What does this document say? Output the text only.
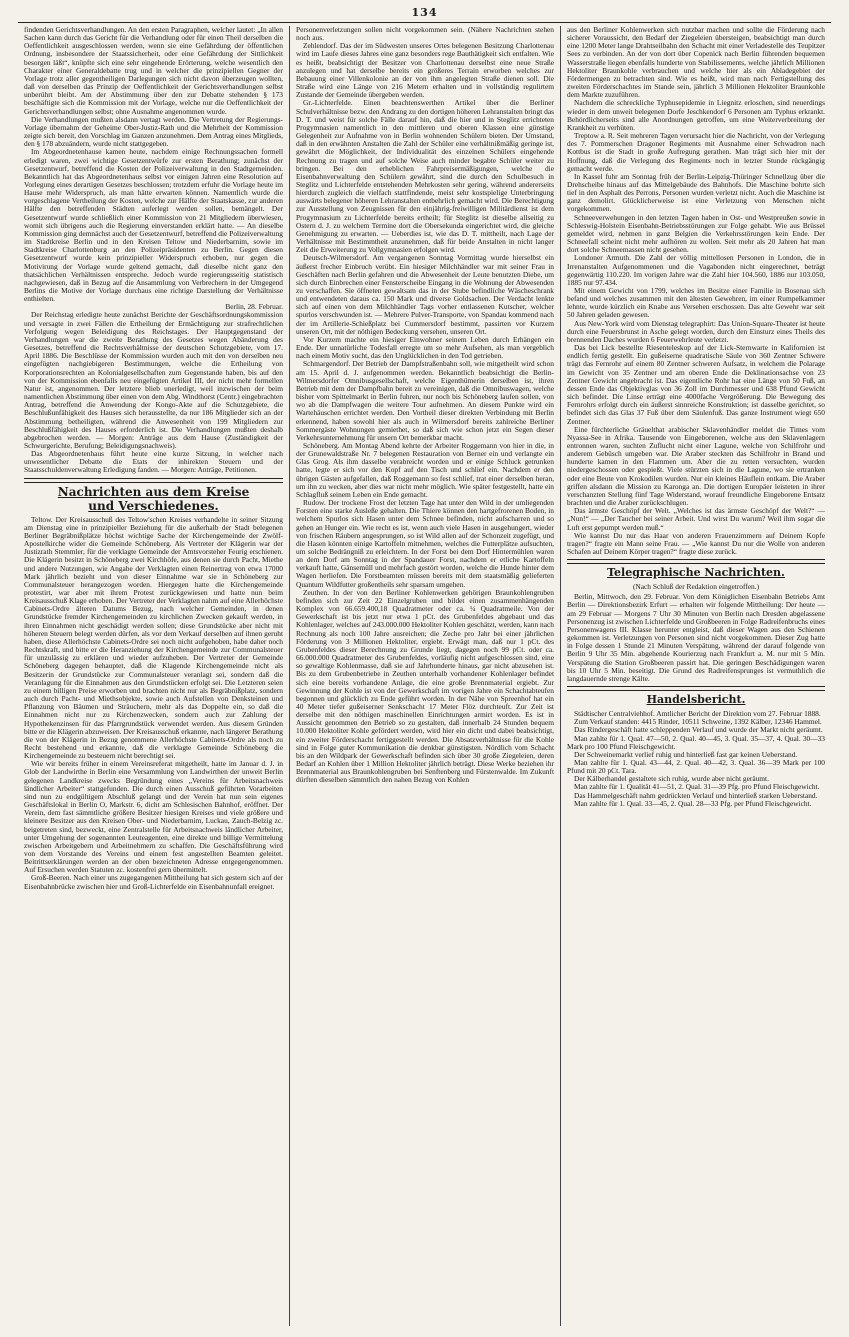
134

findenden Gerichtsverhandlungen. An den ersten Paragraphen, welcher lautet: „In allen Sachen kann durch das Gericht für die Verhandlung oder für einen Theil derselben die Oeffentlichkeit ausgeschlossen werden, wenn sie eine Gefährdung der öffentlichen Ordnung, insbesondere der Staatssicherheit, oder eine Gefährdung der Sittlichkeit besorgen läßt“, knüpfte sich eine sehr eingehende Erörterung, welche wesentlich den Charakter einer Generaldebatte trug und in welcher die prinzipiellen Gegner der Vorlage trotz aller gegentheiligen Darlegungen sich nicht davon überzeugen wollten, daß von derselben das Prinzip der Oeffentlichkeit der Gerichtsverhandlungen selbst unberührt bleibt. Am der Abstimmung über den zur Debatte stehenden § 173 beschäftigte sich die Kommission mit der Vorlage, welche nur die Oeffentlichkeit der Gerichtsverhandlungen selbst; ohne Ausnahme angenommen wurde.

Die Verhandlungen mußten alsdann vertagt werden. Die Vertretung der Regierungs-Vorlage übernahm der Geheime Ober-Justiz-Rath und die Mehrheit der Kommission zeigte sich bereit, den Vorschlag im Ganzen anzunehmen. Dem Antrag eines Mitglieds, den § 178 abzuändern, wurde nicht stattgegeben.

Im Abgeordnetenhause kamen heute, nachdem einige Rechnungssachen formell erledigt waren, zwei wichtige Gesetzentwürfe zur ersten Berathung; zunächst der Gesetzentwurf, betreffend die Kosten der Polizeiverwaltung in den Stadtgemeinden. Bekanntlich hat das Abgeordnetenhaus selbst vor einigen Jahren eine Resolution auf Vorlegung eines derartigen Gesetzes beschlossen; trotzdem erfuhr die Vorlage heute im Hause mehr Widerspruch, als man hätte erwarten können. Namentlich wurde die vorgeschlagene Vertheilung der Kosten, welche zur Hälfte der Staatskasse, zur anderen Hälfte den betreffenden Städten auferlegt werden sollen, bemängelt. Der Gesetzentwurf wurde schließlich einer Kommission von 21 Mitgliedern überwiesen, womit sich übrigens auch die Regierung einverstanden erklärt hatte. — An dieselbe Kommission ging demnächst auch der Gesetzentwurf, betreffend die Polizeiverwaltung im Stadtkreise Berlin und in den Kreisen Teltow und Niederbarnim, sowie im Stadtkreise Charlottenburg an den Polizeipräsidenten zu Berlin. Gegen diesen Gesetzentwurf wurde kein prinzipieller Widerspruch erhoben, nur gegen die Motivirung der Vorlage wurde geltend gemacht, daß dieselbe nicht ganz den thatsächlichen Verhältnissen entspreche. Jedoch wurde regierungsseitig statistisch nachgewiesen, daß in Bezug auf die Ansammlung von Verbrechern in der Umgegend Berlins die Motive der Vorlage durchaus eine richtige Darstellung der Verhältnisse enthielten.

Berlin, 28. Februar.

Der Reichstag erledigte heute zunächst Berichte der Geschäftsordnungskommission und versagte in zwei Fällen die Ertheilung der Ermächtigung zur strafrechtlichen Verfolgung wegen Beleidigung des Reichstages. Der Hauptgegenstand der Verhandlungen war die zweite Berathung des Gesetzes wegen Abänderung des Gesetzes, betreffend die Rechtsverhältnisse der deutschen Schutzgebiete, vom 17. April 1886. Die Beschlüsse der Kommission wurden auch mit den von derselben neu eingefügten nachgiebigeren Bestimmungen, welche die Ertheilung von Korporationsrechten an Kolonialgesellschaften zum Gegenstande haben, bis auf den von der Kommission ebenfalls neu eingefügten Artikel III, der nicht mehr formellen Natur ist, angenommen. Der letztere blieb unerledigt, weil inzwischen der beim namentlichen Abstimmung über einen von dem Abg. Windthorst (Centr.) eingebrachten Antrag, betreffend die Anwendung der Kongo-Akte auf die Schutzgebiete, die Beschlußunfähigkeit des Hauses sich herausstellte, da nur 186 Mitglieder sich an der Abstimmung betheiligten, während die Anwesenheit von 199 Mitgliedern zur Beschlußfähigkeit des Hauses erforderlich ist. Die Verhandlungen mußten deshalb abgebrochen werden. — Morgen: Anträge aus dem Hause (Zuständigkeit der Schwurgerichte, Berufung; Beleidigungsnachweis).

Das Abgeordnetenhaus führt heute eine kurze Sitzung, in welcher nach unwesentlicher Debatte die Etats der inhirekten Steuern und der Staatsschuldenverwaltung Erledigung fanden. — Morgen: Anträge, Petitionen.

Nachrichten aus dem Kreise
und Verschiedenes.

Teltow. Der Kreisausschuß des Teltow'schen Kreises verhandelte in seiner Sitzung am Dienstag eine in prinzipieller Beziehung für die außerhalb der Stadt belegenen Berliner Begräbnißplätze höchst wichtige Sache der Kirchengemeinde der Zwölf-Apostelkirche wider die Gemeinde Schöneberg. Als Vertreter der Klägerin war der Justizrath Stemmler, für die verklagte Gemeinde der Amtsvorsteher Feurig erschienen. Die Klägerin besitzt in Schöneberg zwei Kirchhöfe, aus denen sie durch Pacht, Miethe und andere Nutzungen, wie Angabe der Verklagten einen Reinertrag von etwa 17000 Mark jährlich bezieht und von dieser Einnahme war sie in Schöneberg zur Communalsteuer herangezogen worden. Hiergegen hatte die Kirchengemeinde protestirt, war aber mit ihrem Protest zurückgewiesen und hatte nun beim Kreisausschuß Klage erhoben. Der Vertreter der Verklagten nahm auf eine Allerhöchste Cabinets-Ordre älteren Datums Bezug, nach welcher Gemeinden, in denen Grundstücke fremder Kirchengemeinden zu kirchlichen Zwecken gekauft werden, in ihren Einnahmen nicht geschädigt werden sollen; diese Grundstücke aber nicht mit höheren Steuern belegt werden dürfen, als vor dem Verkauf derselben auf ihnen geruht haben, diese Allerhöchste Cabinets-Ordre sei noch nicht aufgehoben, habe daher noch Rechtskraft, und bitte er die Heranziehung der Kirchengemeinde zur Communalsteuer für unzulässig zu erklären und wieder aufzuheben. Der Vertreter der Gemeinde Schöneberg dagegen behauptet, daß die Klagende Kirchengemeinde nicht als Besitzerin der Grundstücke zur Communalsteuer veranlagt sei, sondern daß die Veranlagung für die Einnahmen aus den Grundstücken erfolgt sei. Die Letzteren seien zu einem billigen Preise erworben und brachten nicht nur als Begräbnißplatz, sondern auch durch Pacht- und Miethsobjekte, sowie auch Aufstellen von Denksteinen und Pflanzung von Bäumen und Sträuchern, mehr als das Doppelte ein, so daß die Einnahmen nicht nur zu Kirchenzwecken, sondern auch zur Zahlung der Hypothekenzinsen für das Pfarrgrundstück verwendet werden. Aus diesem Gründen bitte er die Klägerin abzuweisen. Der Kreisausschuß erkannte, nach längerer Berathung die von der Klägerin in Bezug genommene Allerhöchste Cabinets-Ordre als noch zu Recht bestehend und erkannte, daß die verklagte Gemeinde Schöneberg die Kirchengemeinde zu besteuern nicht berechtigt sei.

Wie wir bereits früher in einem Vereinsreferat mitgetheilt, hatte im Januar d. J. in Glob der Landwirthe in Berlin eine Versammlung von Landwirthen der unweit Berlin gelegenen Landkreise zwecks Begründung eines „Vereins für Arbeitsnachweis ländlicher Arbeiter“ stattgefunden. Die durch einen Ausschuß geführten Vorarbeiten sind nun zu endgültigem Abschluß gelangt und der Verein hat nun sein eigenes Geschäftslokal in Berlin O, Markstr. 6, dicht am Schlesischen Bahnhof, eröffnet. Der Verein, dem fast sämmtliche größere Besitzer hiesigen Kreises und viele größere und kleinere Besitzer aus den Kreisen Ober- und Niederbarnim, Luckau, Zauch-Belzig zc. beigetreten sind, bezweckt, eine Zentralstelle für Arbeitsnachweis ländlicher Arbeiter, unter Umgehung der sogenannten Leuteagenten, eine direkte und billige Vermittelung zwischen Arbeitgebern und Arbeitnehmern zu schaffen. Die Geschäftsführung wird von dem Vorstande des Vereins und einem fest angestellten Beamten geleitet. Beitrittserklärungen werden an der oben bezeichneten Adresse entgegengenommen. Auf Ersuchen werden Statuten zc. kostenfrei gern übermittelt.

Groß-Beeren. Nach einer uns zugegangenen Mittheilung hat sich gestern sich auf der Eisenbahnbrücke zwischen hier und Groß-Lichterfelde ein Eisenbahnunfall ereignet.

Personenverletzungen sollen nicht vorgekommen sein. (Nähere Nachrichten stehen noch aus.

Zehlendorf. Das der im Südwesten unseres Ortes belegenen Besitzung Charlottenau wird im Laufe dieses Jahres eine ganz besonders rege Bauthätigkeit sich entfalten. Wie es heißt, beabsichtigt der Besitzer von Charlottenau derselbst eine neue Straße anzulegen und hat derselbe bereits ein größeres Terrain erworben welches zur Bebauung einer Villenkolonie an der von ihm angelegten Straße dienen soll. Die Straße wird eine Länge von 216 Metern erhalten und in vollständig regulirtem Zustande der Gemeinde übergeben werden.

Gr.-Lichterfelde. Einen beachtenswerthen Artikel über die Berliner Schulverhältnisse bezw. den Andrang zu den dortigen höheren Lehranstalten bringt das D. T. und weist für solche Fälle darauf hin, daß die hier und in Steglitz errichteten Progymnasien namentlich in den mittleren und oberen Klassen eine günstige Gelegenheit zur Aufnahme von in Berlin wohnenden Schülern bieten. Der Umstand, daß in den erwähnten Anstalten die Zahl der Schüler eine verhältnißmäßig geringe ist, gewährt die Möglichkeit, der Individualität des einzelnen Schülers eingehende Rechnung zu tragen und auf solche Weise auch minder begabte Schüler weiter zu bringen. Bei den erheblichen Fahrpreisermäßigungen, welche die Eisenbahnverwaltung den Schülern gewährt, sind die durch den Schulbesuch in Steglitz und Lichterfelde entstehenden Mehrkosten sehr gering, während andererseits hierdurch zugleich die vielfach stattfindende, meist sehr kostspielige Unterbringung auswärts belegener höheren Lehranstalten entbehrlich gemacht wird. Die Berechtigung zur Ausstellung von Zeugnissen für den einjährig-freiwilligen Militärdienst ist dem Progymnasium zu Lichterfelde bereits ertheilt; für Steglitz ist dieselbe allseitig zu Ostern d. J. zu welchem Termine dort die Obersekunda eingerichtet wird, die gleiche Genehmigung zu erwarten. — Ueberdies ist, wie das D. T. mittheilt, nach Lage der Verhältnisse mit Bestimmtheit anzunehmen, daß für beide Anstalten in nicht langer Zeit die Erweiterung zu Vollgymnasien erfolgen wird.

Deutsch-Wilmersdorf. Am vergangenen Sonntag Vormittag wurde hierselbst ein äußerst frecher Einbruch verübt. Ein hiesiger Milchhändler war mit seiner Frau in Geschäften nach Berlin gefahren und die Abwesenheit der Leute benutzten Diebe, um sich durch Einbrechen einer Fensterscheibe Eingang in die Wohnung der Abwesenden zu verschaffen. Sie öffneten gewaltsam das in der Stube befindliche Wäscheschrank und entwendeten daraus ca. 150 Mark und diverse Goldsachen. Der Verdacht lenkte sich auf einen von dem Milchhändler Tags vorher entlassenen Kutscher, welcher spurlos verschwunden ist. — Mehrere Pulver-Transporte, von Spandau kommend nach der im Artillerie-Schießplatz bei Cummersdorf bestimmt, passirten vor Kurzem unseren Ort, mit der nöthigen Bedeckung versehen, unseren Ort.

Vor Kurzem machte ein hiesiger Einwohner seinem Leben durch Erhängen ein Ende. Der unnatürliche Todesfall erregte um so mehr Aufsehen, als man vergeblich nach einem Motiv sucht, das den Unglücklichen in den Tod getrieben.

Schmargendorf. Der Betrieb der Dampfstraßenbahn soll, wie mitgetheilt wird schon am 15. April d. J. aufgenommen werden. Bekanntlich beabsichtigt die Berlin-Wilmersdorfer Omnibusgesellschaft, welche Eigenthümerin derselben ist, ihren Betrieb mit dem der Dampfbahn bereit zu vereinigen, daß die Omnibuswagen, welche bisher vom Spittelmarkt in Berlin fuhren, nur noch bis Schöneberg laufen sollen, von wo ab die Dampfwagen die weitere Tour aufnehmen. An diesem Punkte wird ein Wartehäuschen errichtet werden. Den Vortheil dieser direkten Verbindung mit Berlin erkennend, haben sowohl hier als auch in Wilmersdorf bereits zahlreiche Berliner Sommergäste Wohnungen gemiethet, so daß sich wie schon jetzt ein Segen dieser Verkehrsunternehmung für unsern Ort bemerkbar macht.

Schöneberg. Am Montag Abend kehrte der Arbeiter Roggemann von hier in die, in der Grunewaldstraße Nr. 7 belegenen Restauration von Berner ein und verlangte ein Glas Grog. Als ihm dasselbe verabreicht worden und er einige Schluck getrunken hatte, legte er sich vor den Kopf auf den Tisch und schlief ein. Nachdem er den übrigen Gästen aufgefallen, daß Roggemann so fest schlief, trat einer derselben heran, um ihn zu wecken, aber dies war nicht mehr möglich. Wie später festgestellt, hatte ein Schlagfluß seinem Leben ein Ende gemacht.

Rudow. Der trockene Frost der letzten Tage hat unter den Wild in der umliegenden Forsten eine starke Ausleße gehalten. Die Thiere können den hartgefrorenen Boden, in welchem Spurlos sich Hasen unter dem Schnee befinden, nicht aufscharren und so gehen an Hunger ein. Wie recht es ist, wenn auch viele Hasen in ausgehungert, wieder von frischen Räubern angesprungen, so ist Wild allen auf der Schonzeit zugefügt, und die Hasen könnten einige Kartoffeln mitnehmen, welches die Futterplätze aufsuchten, um solche Bedrängniß zu erleichtern. In der Forst bei dem Dorf Hintermühlen waren an dem Dorf am Sonntag in der Spandauer Forst, nachdem er etliche Kartoffeln verkauft hatte, Gänsemüll und mehrfach gestört worden, welche die Hunde hinter dem Wagen herliefen. Die Forstbeamten müssen bereits mit dem staatsmäßig gelieferten Quantum Wildfutter großentheils sehr sparsam umgehen.

Zeuthen. In der von den Berliner Kohlenwerken gehörigen Braunkohlengruben befinden sich zur Zeit 22 Einzelgruben und bildet einen zusammenhängenden Komplex von 66.659.400,18 Quadratmeter oder ca. ¼ Quadratmeile. Von der Gewerkschaft ist bis jetzt nur etwa 1 pCt. des Grubenfeldes abgebaut und das Kohlenlager, welches auf 243.000.000 Hektoliter Kohlen geschätzt, werden, kann nach Rechnung als noch 100 Jahre ausreichen; die Zeche pro Jahr bei einer jährlichen Förderung von 3 Millionen Hektoliter, ergiebt. Erwägt man, daß nur 1 pCt. des Grubenfeldes dieser Berechnung zu Grunde liegt, dagegen noch 99 pCt. oder ca. 66.000.000 Quadratmeter des Grubenfeldes, vorläufig nicht aufgeschlossen sind, eine so gewaltige Kohlenmasse, daß sie auf Jahrhunderte hinaus, gar nicht abzusehen ist. Bis zu dem Grubenbetriebe in Zeuthen unterhalb vorhandener Kohlenlager befindet sich eine bereits vorhandene Anlage, die eine große Brennmaterial ergiebt. Zur Gewinnung der Kohle ist von der Gewerkschaft im vorigen Jahre ein Schachtabteufen begonnen und glücklich zu Ende geführt worden. In der Nähe von Spreenhof hat ein 40 Meter tiefer gußeiserner Senkschacht 17 Meter Flöz durchteuft. Zur Zeit ist derselbe mit den nöthigen maschinellen Einrichtungen armirt worden. Es ist in Aussicht genommen den Betrieb so zu gestalten, daß innerhalb 24 Stunden bequem 10.000 Hektoliter Kohle gefördert werden, wird hier ein dicht und dabei beabsichtigt, ein zweiter Förderschacht fertiggestellt werden. Die Absatzverhältnisse für die Kohle sind in Folge guter Kommunikation die denkbar günstigsten. Nördlich vom Schacht bis an den Wildpark der Gewerkschaft befinden sich über 30 große Ziegeleien, deren Bedarf an Kohlen über 1 Million Hektoliter jährlich beträgt. Diese Werke beziehen ihr Brennmaterial aus Braunkohlengruben bei Senftenberg und Fürstenwalde. Im Zukunft dürften dieselben sämmtlich den nahen Bezug von Kohlen

aus den Berliner Kohlenwerken sich nutzbar machen und sollte die Förderung nach sicherer Voraussicht, den Bedarf der Ziegeleien übersteigen, beabsichtigt man durch eine 1200 Meter lange Drahtseilbahn den Schacht mit einer Verladestelle des Teupitzer Sees zu verbinden. An der von dort über Copenick nach Berlin führenden bequemen Wasserstraße liegen ebenfalls hunderte von Stabilissements, welche jährlich Millionen Hektoliter Braunkohle verbrauchen und welche hier als ein Abladegebiet der Fördermengen zu betrachten sind. Wie es heißt, wird man nach Fertigstellung des zweiten Förderschachtes im Stande sein, jährlich 3 Millionen Hektoliter Braunkohle dem Markte zuzuführen.

Nachdem die schreckliche Typhusepidemie in Liegnitz erloschen, sind neuerdings wieder in dem unweit belegenen Dorfe Jeschkendorf 6 Personen am Typhus erkrankt. Behördlicherseits sind alle Anordnungen getroffen, um eine Weiterverbreitung der Krankheit zu verhüten.

Treptow a. R. Seit mehreren Tagen verursacht hier die Nachricht, von der Verlegung des 7. Pommerschen Dragoner Regiments mit Ausnahme einer Schwadron nach Kottbus ist die Stadt in große Aufregung gerathen. Man trägt sich hier mit der Hoffnung, daß die Verlegung des Regiments noch in letzter Stunde rückgängig gemacht werde.

In Kassel fuhr am Sonntag früh der Berlin-Leipzig-Thüringer Schnellzug über die Drehscheibe hinaus auf das Mittelgebäude des Bahnhofs. Die Maschine bohrte sich tief in den Asphalt des Perrons, Personen wurden verletzt nicht. Auch die Maschine ist ganz demolirt. Glücklicherweise ist eine Verletzung von Menschen nicht vorgekommen.

Schneeverwehungen in den letzten Tagen haben in Ost- und Westpreußen sowie in Schleswig-Holstein Eisenbahn-Betriebsstörungen zur Folge gehabt. Wie aus Brüssel gemeldet wird, nehmen in ganz Belgien die Verkehrsstörungen kein Ende. Der Schneefall scheint nicht mehr aufhören zu wollen. Seit mehr als 20 Jahren hat man dort solche Schneemassen nicht gesehen.

Londoner Armuth. Die Zahl der völlig mittellosen Personen in London, die in Irrenanstalten Aufgenommenen und die Vagabonden nicht eingerechnet, beträgt gegenwärtig 110.220. Im vorigen Jahre war die Zahl hier 104.560, 1886 nur 103.050, 1885 nur 97.434.

Mit einem Gewicht von 1799, welches im Besitze einer Familie in Bosenau sich befand und welches zusammen mit den ältesten Gewehren, im einer Rumpelkammer lehnte, wurde kürzlich ein Knabe aus Versehen erschossen. Das alte Gewehr war seit 50 Jahren geladen gewesen.

Aus New-York wird vom Dienstag telegraphirt: Das Union-Square-Theater ist heute durch eine Feuersbrunst in Asche gelegt worden, durch den Einsturz eines Theils des brennenden Daches wurden 6 Feuerwehrleute verletzt.

Das bei Lick bestellte Riesenteleskop auf der Lick-Sternwarte in Kalifornien ist endlich fertig gestellt. Ein gußeiserne quadratische Säule von 360 Zentner Schwere trägt das Fernrohr auf einem 80 Zentner schweren Aufsatz, in welchem die Polarage im Gewicht von 35 Zentner und am oberen Ende die Deklinationsachse von 23 Zentner Gewicht angebracht ist. Das eigentliche Rohr hat eine Länge von 50 Fuß, an dessen Ende das Objektivglas von 36 Zoll im Durchmesser und 638 Pfund Gewicht sich befindet. Die Linse erträgt eine 4000fache Vergrößerung. Die Bewegung des Fernrohrs erfolgt durch ein äußerst sinnreiche Konstruktion; ist dasselbe gerichtet, so befindet sich das Glas 37 Fuß über dem Säulenfuß. Das ganze Instrument wiegt 650 Zentner.

Eine fürchterliche Gräuelthat arabischer Sklavenhändler meldet die Times vom Nyassa-See in Afrika. Tausende von Eingeborenen, welche aus den Sklavenlagern entronnen waren, suchten Zuflucht nicht einer Lagune, welche von Schilfrohr und anderem Gebüsch umgeben war. Die Araber steckten das Schilfrohr in Brand und hunderte kamen in den Flammen um. Aber die zu retten versuchten, wurden niedergeschossen oder gespießt. Viele stürzten sich in die Lagune, wo sie ertranken oder eine Beute von Krokodilen wurden. Nur ein kleines Häuflein entkam. Die Araber griffen alsdann die Mission zu Karonga an. Die dortigen Europäer leisteten in ihrer verschanzten Stellung fünf Tage Widerstand, worauf freundliche Eingeborene Entsatz brachten und die Araber zurückschlugen.

Das ärmste Geschöpf der Welt. „Welches ist das ärmste Geschöpf der Welt?“ — „Nun!“ — „Der Taucher bei seiner Arbeit. Und wirst Du warum? Weil ihm sogar die Luft erst gepumpt werden muß.“

Wie kannst Du nur das Haar von anderen Frauenzimmern auf Deinem Kopfe tragen?“ fragte ein Mann seine Frau. — „Wie kannst Du nur die Wolle von anderen Schafen auf Deinem Körper tragen?“ fragte diese zurück.

Telegraphische Nachrichten.
(Nach Schluß der Redaktion eingetroffen.)

Berlin, Mittwoch, den 29. Februar. Von dem Königlichen Eisenbahn Betriebs Amt Berlin — Direktionsbezirk Erfurt — erhalten wir folgende Mittheilung: Der heute — am 29 Februar — Morgens 7 Uhr 30 Minuten von Berlin nach Dresden abgelassene Personenzug ist zwischen Lichterfelde und Großbeeren in Folge Radreifenbruchs eines Personenwagens III. Klasse herunter entgleist, daß dieser Wagen aus den Schienen gekommen ist. Verletzungen von Personen sind nicht vorgekommen. Dieser Zug hatte in Folge dessen 1 Stunde 21 Minuten Verspätung, während der darauf folgende von Berlin 9 Uhr 35 Min. abgehende Kourierzug nach Frankfurt a. M. nur mit 5 Min. Verspätung die Station Großbeeren passirt hat. Die geringen Beschädigungen waren bis 10 Uhr 5 Min. beseitigt. Die Grund des Radreifensprunges ist vermuthlich die langdauernde strenge Kälte.

Handelsbericht.

Städtischer Centralviehhof. Amtlicher Bericht der Direktion vom 27. Februar 1888.

Zum Verkauf standen: 4415 Rinder, 10511 Schweine, 1392 Kälber, 12346 Hammel.

Das Rindergeschäft hatte schleppenden Verlauf und wurde der Markt nicht geräumt.

Man zahlte für 1. Qual. 47—50, 2. Qual. 40—45, 3. Qual. 35—37, 4. Qual. 30—33 Mark pro 100 Pfund Fleischgewicht.

Der Schweinemarkt verlief ruhig und hinterließ fast gar keinen Ueberstand.

Man zahlte für 1. Qual. 43—44, 2. Qual. 40—42, 3. Qual. 36—39 Mark per 100 Pfund mit 20 pCt. Tara.

Der Kälberhandel gestaltete sich ruhig, wurde aber nicht geräumt.

Man zahlte für 1. Qualität 41—51, 2. Qual. 31—39 Pfg. pro Pfund Fleischgewicht.

Das Hammelgeschäft nahm gedrückten Verlauf und hinterließ starken Ueberstand.

Man zahlte für 1. Qual. 33—45, 2. Qual. 28—33 Pfg. per Pfund Fleischgewicht.
